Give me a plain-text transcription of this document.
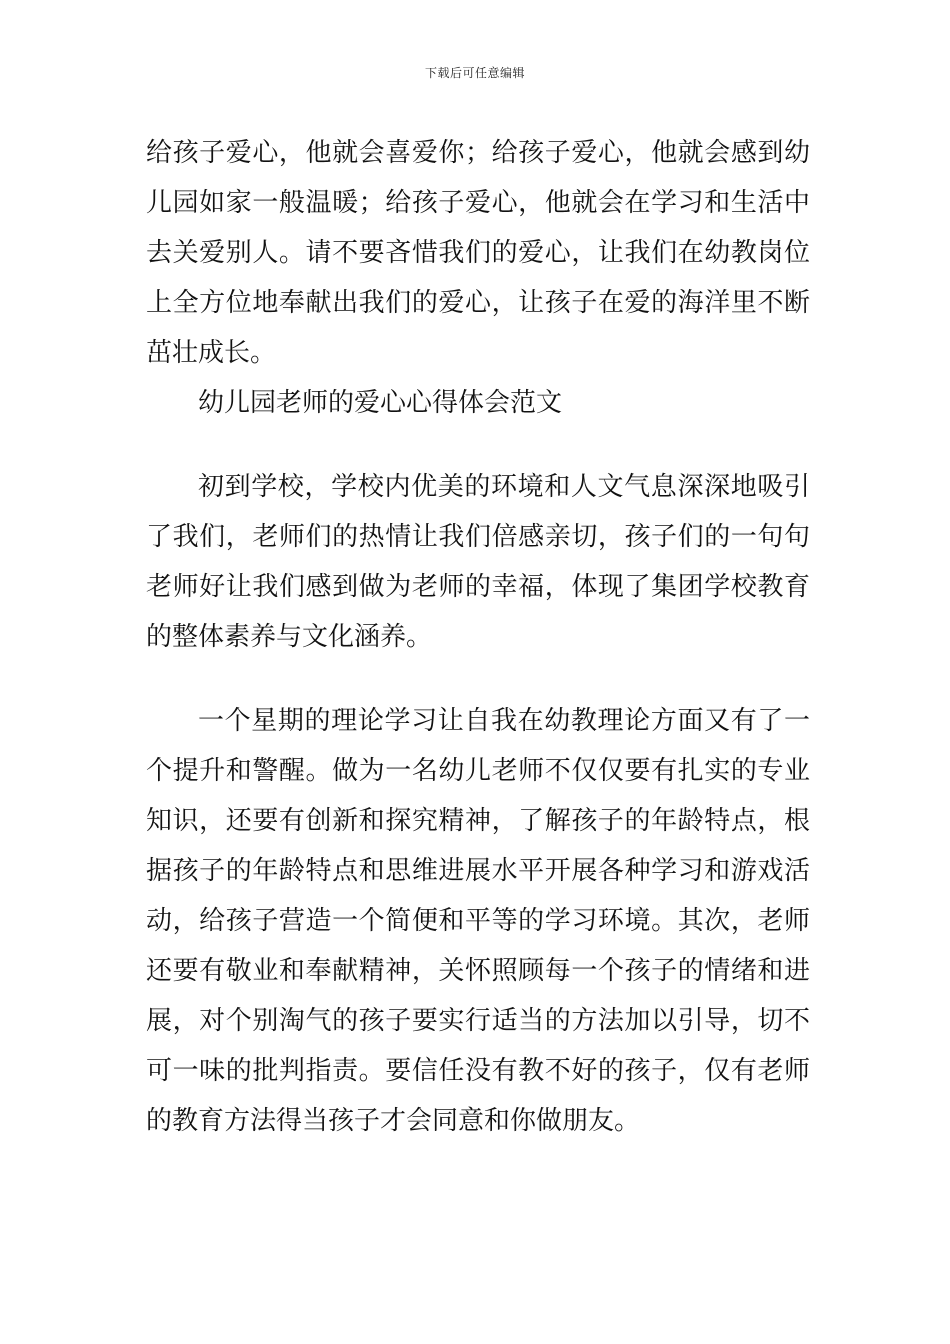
下载后可任意编辑

给孩子爱心，他就会喜爱你；给孩子爱心，他就会感到幼儿园如家一般温暖；给孩子爱心，他就会在学习和生活中去关爱别人。请不要吝惜我们的爱心，让我们在幼教岗位上全方位地奉献出我们的爱心，让孩子在爱的海洋里不断茁壮成长。

幼儿园老师的爱心心得体会范文

初到学校，学校内优美的环境和人文气息深深地吸引了我们，老师们的热情让我们倍感亲切，孩子们的一句句老师好让我们感到做为老师的幸福，体现了集团学校教育的整体素养与文化涵养。

一个星期的理论学习让自我在幼教理论方面又有了一个提升和警醒。做为一名幼儿老师不仅仅要有扎实的专业知识，还要有创新和探究精神，了解孩子的年龄特点，根据孩子的年龄特点和思维进展水平开展各种学习和游戏活动，给孩子营造一个简便和平等的学习环境。其次，老师还要有敬业和奉献精神，关怀照顾每一个孩子的情绪和进展，对个别淘气的孩子要实行适当的方法加以引导，切不可一味的批判指责。要信任没有教不好的孩子，仅有老师的教育方法得当孩子才会同意和你做朋友。
